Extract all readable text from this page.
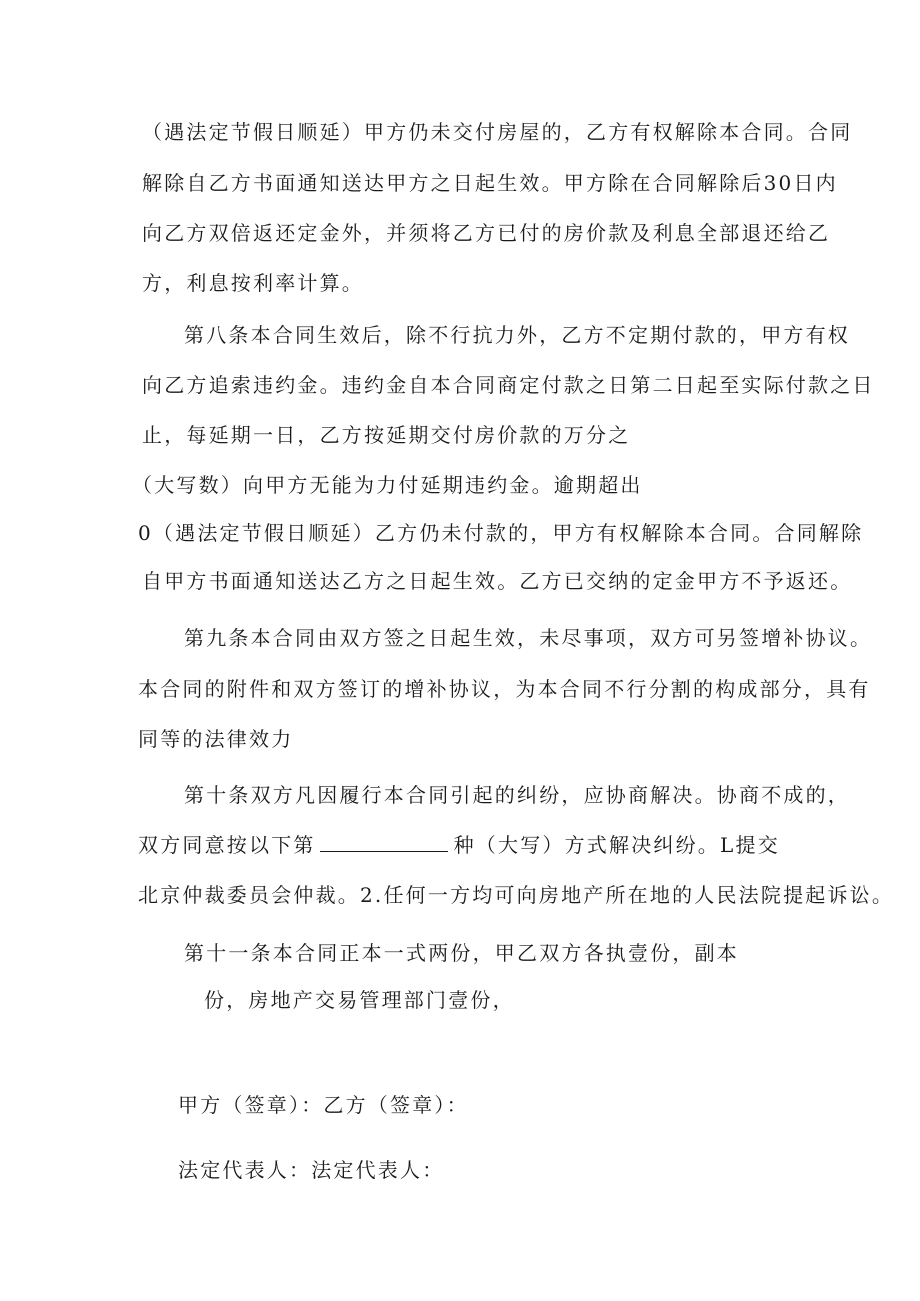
（遇法定节假日顺延）甲方仍未交付房屋的，乙方有权解除本合同。合同
解除自乙方书面通知送达甲方之日起生效。甲方除在合同解除后30日内
向乙方双倍返还定金外，并须将乙方已付的房价款及利息全部退还给乙
方，利息按利率计算。
第八条本合同生效后，除不行抗力外，乙方不定期付款的，甲方有权
向乙方追索违约金。违约金自本合同商定付款之日第二日起至实际付款之日
止，每延期一日，乙方按延期交付房价款的万分之
（大写数）向甲方无能为力付延期违约金。逾期超出
0（遇法定节假日顺延）乙方仍未付款的，甲方有权解除本合同。合同解除
自甲方书面通知送达乙方之日起生效。乙方已交纳的定金甲方不予返还。
第九条本合同由双方签之日起生效，未尽事项，双方可另签增补协议。
本合同的附件和双方签订的增补协议，为本合同不行分割的构成部分，具有
同等的法律效力
第十条双方凡因履行本合同引起的纠纷，应协商解决。协商不成的，
双方同意按以下第	种（大写）方式解决纠纷。L提交
北京仲裁委员会仲裁。2.任何一方均可向房地产所在地的人民法院提起诉讼。
第十一条本合同正本一式两份，甲乙双方各执壹份，副本
份，房地产交易管理部门壹份，
甲方（签章）：乙方（签章）：
法定代表人：法定代表人：
